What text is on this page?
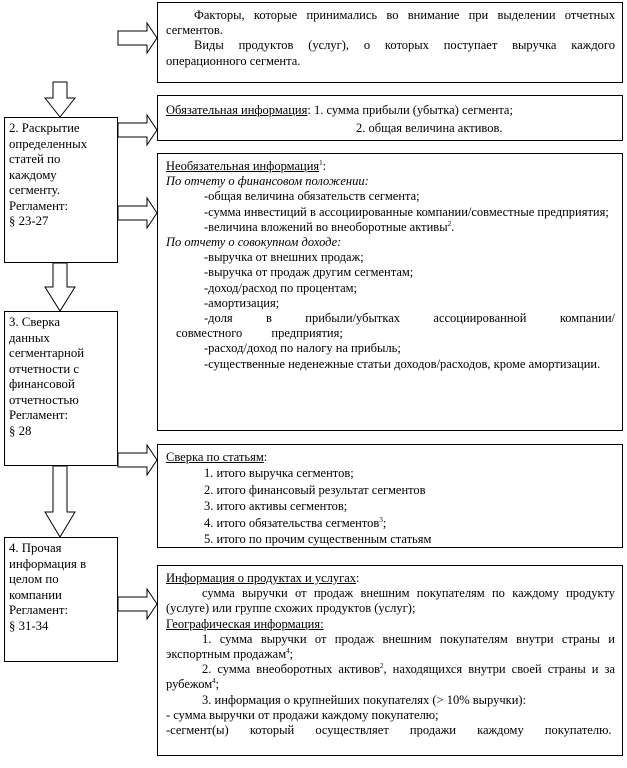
2. Раскрытие
определенных
статей по
каждому
сегменту.
Регламент:
§ 23-27
3. Сверка
данных
сегментарной
отчетности с
финансовой
отчетностью
Регламент:
§ 28
4. Прочая
информация в
целом по
компании
Регламент:
§ 31-34

Факторы, которые принимались во внимание при выделении отчетных сегментов.

Виды продуктов (услуг), о которых поступает выручка каждого операционного сегмента.

Обязательная информация: 1. сумма прибыли (убытка) сегмента;
2. общая величина активов.
Необязательная информация$^1$:
По отчету о финансовом положении:

-общая величина обязательств сегмента;

-сумма инвестиций в ассоциированные компании/совместные предприятия;

-величина вложений во внеоборотные активы$^2$.

По отчету о совокупном доходе:

-выручка от внешних продаж;

-выручка от продаж другим сегментам;

-доход/расход по процентам;

-амортизация;

-доля в прибыли/убытках ассоциированной компании/совместного предприятия;

-расход/доход по налогу на прибыль;

-существенные неденежные статьи доходов/расходов, кроме амортизации.

Сверка по статьям:
1. итого выручка сегментов;
2. итого финансовый результат сегментов
3. итого активы сегментов;
4. итого обязательства сегментов$^3$;
5. итого по прочим существенным статьям
Информация о продуктах и услугах:

сумма выручки от продаж внешним покупателям по каждому продукту (услуге) или группе схожих продуктов (услуг);

Географическая информация:

1. сумма выручки от продаж внешним покупателям внутри страны и экспортным продажам$^4$;

2. сумма внеоборотных активов$^2$, находящихся внутри своей страны и за рубежом$^4$;

3. информация о крупнейших покупателях (> 10% выручки):

- сумма выручки от продажи каждому покупателю;

-сегмент(ы) который осуществляет продажи каждому покупателю.
